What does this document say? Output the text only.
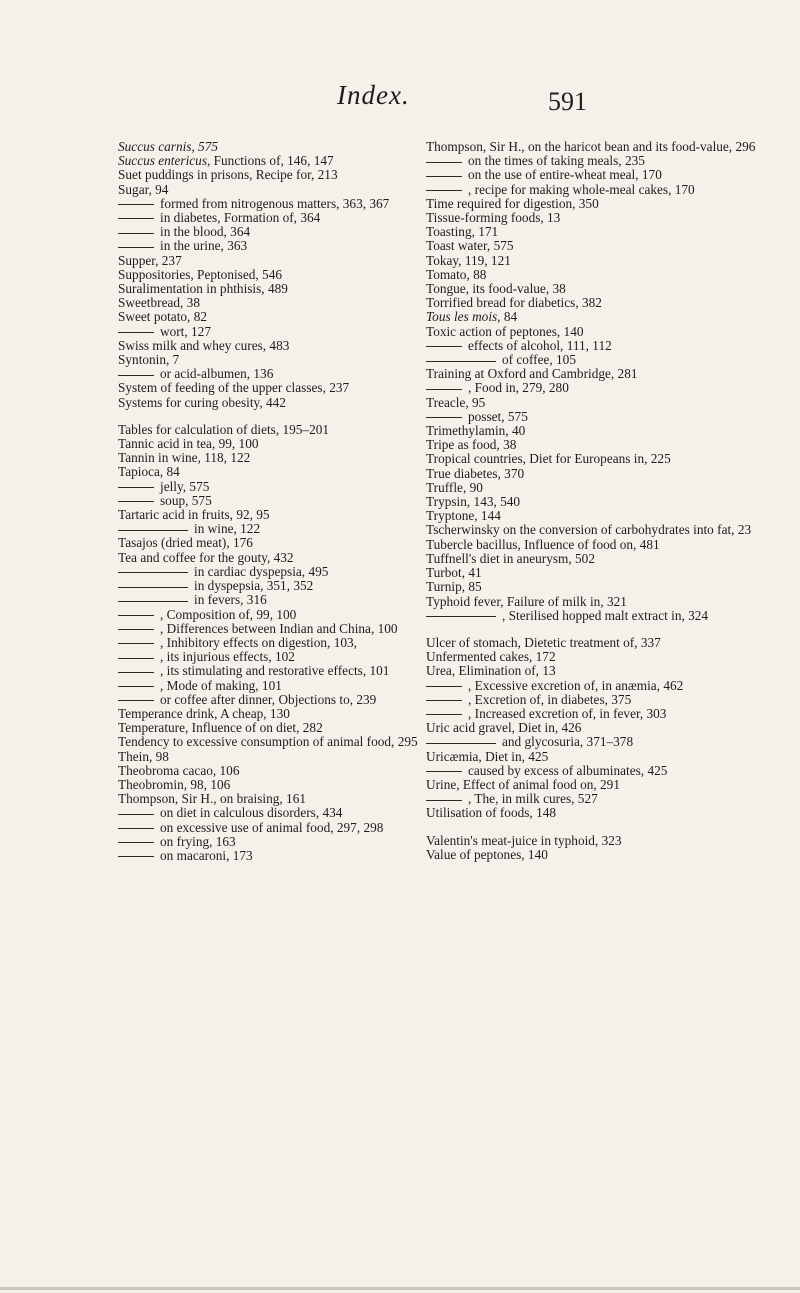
Index.	591
Succus carnis, 575
Succus entericus, Functions of, 146, 147
Suet puddings in prisons, Recipe for, 213
Sugar, 94
formed from nitrogenous matters, 363, 367
in diabetes, Formation of, 364
in the blood, 364
in the urine, 363
Supper, 237
Suppositories, Peptonised, 546
Suralimentation in phthisis, 489
Sweetbread, 38
Sweet potato, 82
wort, 127
Swiss milk and whey cures, 483
Syntonin, 7
or acid-albumen, 136
System of feeding of the upper classes, 237
Systems for curing obesity, 442
Tables for calculation of diets, 195–201
Tannic acid in tea, 99, 100
Tannin in wine, 118, 122
Tapioca, 84
jelly, 575
soup, 575
Tartaric acid in fruits, 92, 95
in wine, 122
Tasajos (dried meat), 176
Tea and coffee for the gouty, 432
in cardiac dyspepsia, 495
in dyspepsia, 351, 352
in fevers, 316
, Composition of, 99, 100
, Differences between Indian and China, 100
, Inhibitory effects on digestion, 103,
, its injurious effects, 102
, its stimulating and restorative effects, 101
, Mode of making, 101
or coffee after dinner, Objections to, 239
Temperance drink, A cheap, 130
Temperature, Influence of on diet, 282
Tendency to excessive consumption of animal food, 295
Thein, 98
Theobroma cacao, 106
Theobromin, 98, 106
Thompson, Sir H., on braising, 161
on diet in calculous disorders, 434
on excessive use of animal food, 297, 298
on frying, 163
on macaroni, 173
Thompson, Sir H., on the haricot bean and its food-value, 296
on the times of taking meals, 235
on the use of entire-wheat meal, 170
, recipe for making whole-meal cakes, 170
Time required for digestion, 350
Tissue-forming foods, 13
Toasting, 171
Toast water, 575
Tokay, 119, 121
Tomato, 88
Tongue, its food-value, 38
Torrified bread for diabetics, 382
Tous les mois, 84
Toxic action of peptones, 140
effects of alcohol, 111, 112
of coffee, 105
Training at Oxford and Cambridge, 281
, Food in, 279, 280
Treacle, 95
posset, 575
Trimethylamin, 40
Tripe as food, 38
Tropical countries, Diet for Europeans in, 225
True diabetes, 370
Truffle, 90
Trypsin, 143, 540
Tryptone, 144
Tscherwinsky on the conversion of carbohydrates into fat, 23
Tubercle bacillus, Influence of food on, 481
Tuffnell's diet in aneurysm, 502
Turbot, 41
Turnip, 85
Typhoid fever, Failure of milk in, 321
, Sterilised hopped malt extract in, 324
Ulcer of stomach, Dietetic treatment of, 337
Unfermented cakes, 172
Urea, Elimination of, 13
, Excessive excretion of, in anæmia, 462
, Excretion of, in diabetes, 375
, Increased excretion of, in fever, 303
Uric acid gravel, Diet in, 426
and glycosuria, 371–378
Uricæmia, Diet in, 425
caused by excess of albuminates, 425
Urine, Effect of animal food on, 291
, The, in milk cures, 527
Utilisation of foods, 148
Valentin's meat-juice in typhoid, 323
Value of peptones, 140
